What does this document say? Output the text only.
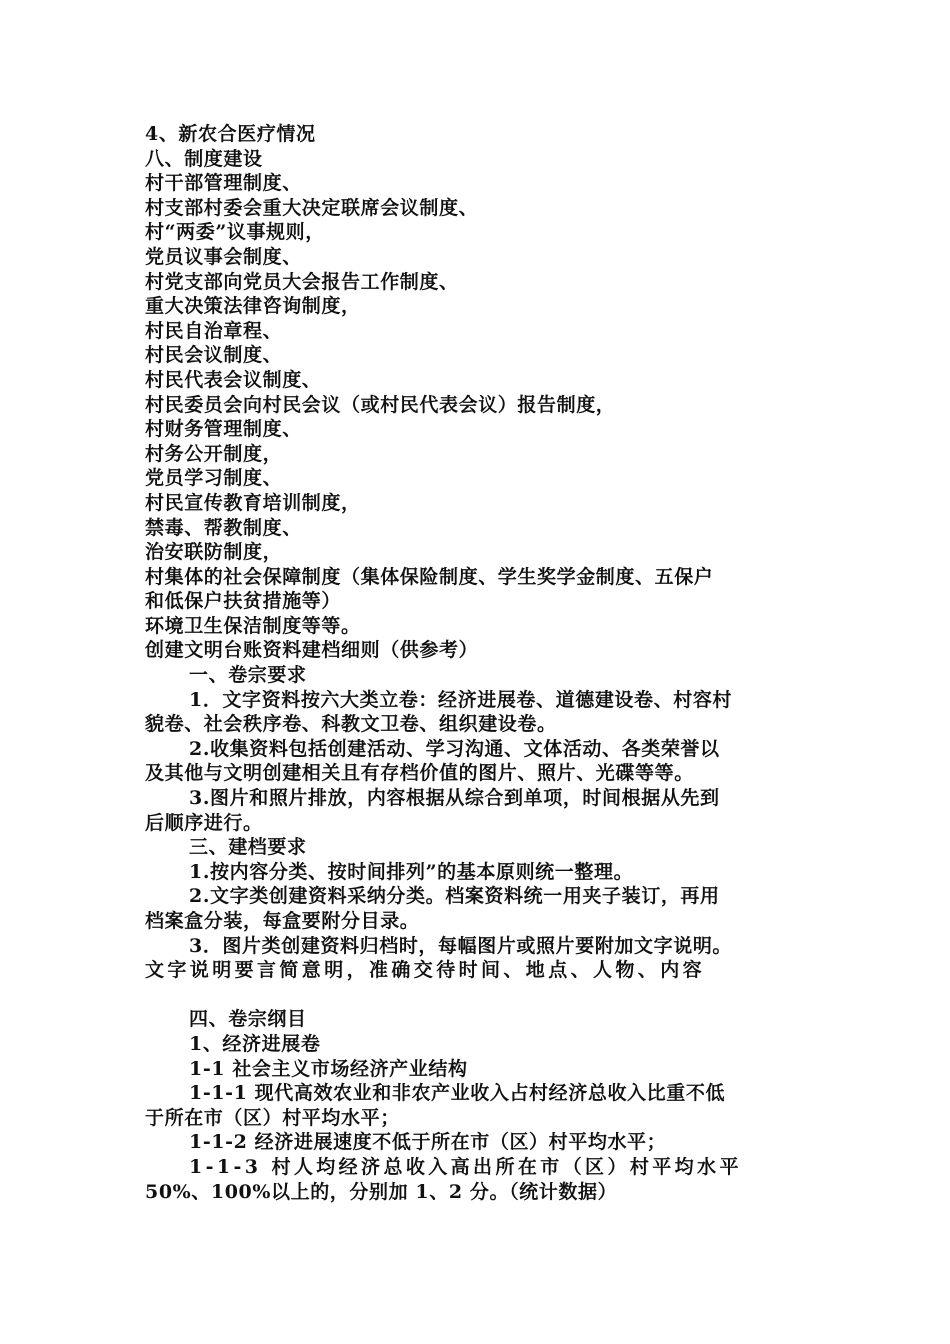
4、新农合医疗情况
八、制度建设
村干部管理制度、
村支部村委会重大决定联席会议制度、
村“两委”议事规则，
党员议事会制度、
村党支部向党员大会报告工作制度、
重大决策法律咨询制度，
村民自治章程、
村民会议制度、
村民代表会议制度、
村民委员会向村民会议（或村民代表会议）报告制度，
村财务管理制度、
村务公开制度，
党员学习制度、
村民宣传教育培训制度，
禁毒、帮教制度、
治安联防制度，
村集体的社会保障制度（集体保险制度、学生奖学金制度、五保户
和低保户扶贫措施等）
环境卫生保洁制度等等。
创建文明台账资料建档细则（供参考）
一、卷宗要求
1．文字资料按六大类立卷：经济进展卷、道德建设卷、村容村
貌卷、社会秩序卷、科教文卫卷、组织建设卷。
2.收集资料包括创建活动、学习沟通、文体活动、各类荣誉以
及其他与文明创建相关且有存档价值的图片、照片、光碟等等。
3.图片和照片排放，内容根据从综合到单项，时间根据从先到
后顺序进行。
三、建档要求
1.按内容分类、按时间排列”的基本原则统一整理。
2.文字类创建资料采纳分类。档案资料统一用夹子装订，再用
档案盒分装，每盒要附分目录。
3．图片类创建资料归档时，每幅图片或照片要附加文字说明。
文字说明要言简意明，准确交待时间、地点、人物、内容
四、卷宗纲目
1、经济进展卷
1-1 社会主义市场经济产业结构
1-1-1 现代高效农业和非农产业收入占村经济总收入比重不低
于所在市（区）村平均水平；
1-1-2 经济进展速度不低于所在市（区）村平均水平；
1-1-3 村人均经济总收入高出所在市（区）村平均水平
50%、100%以上的，分别加 1、2 分。（统计数据）
